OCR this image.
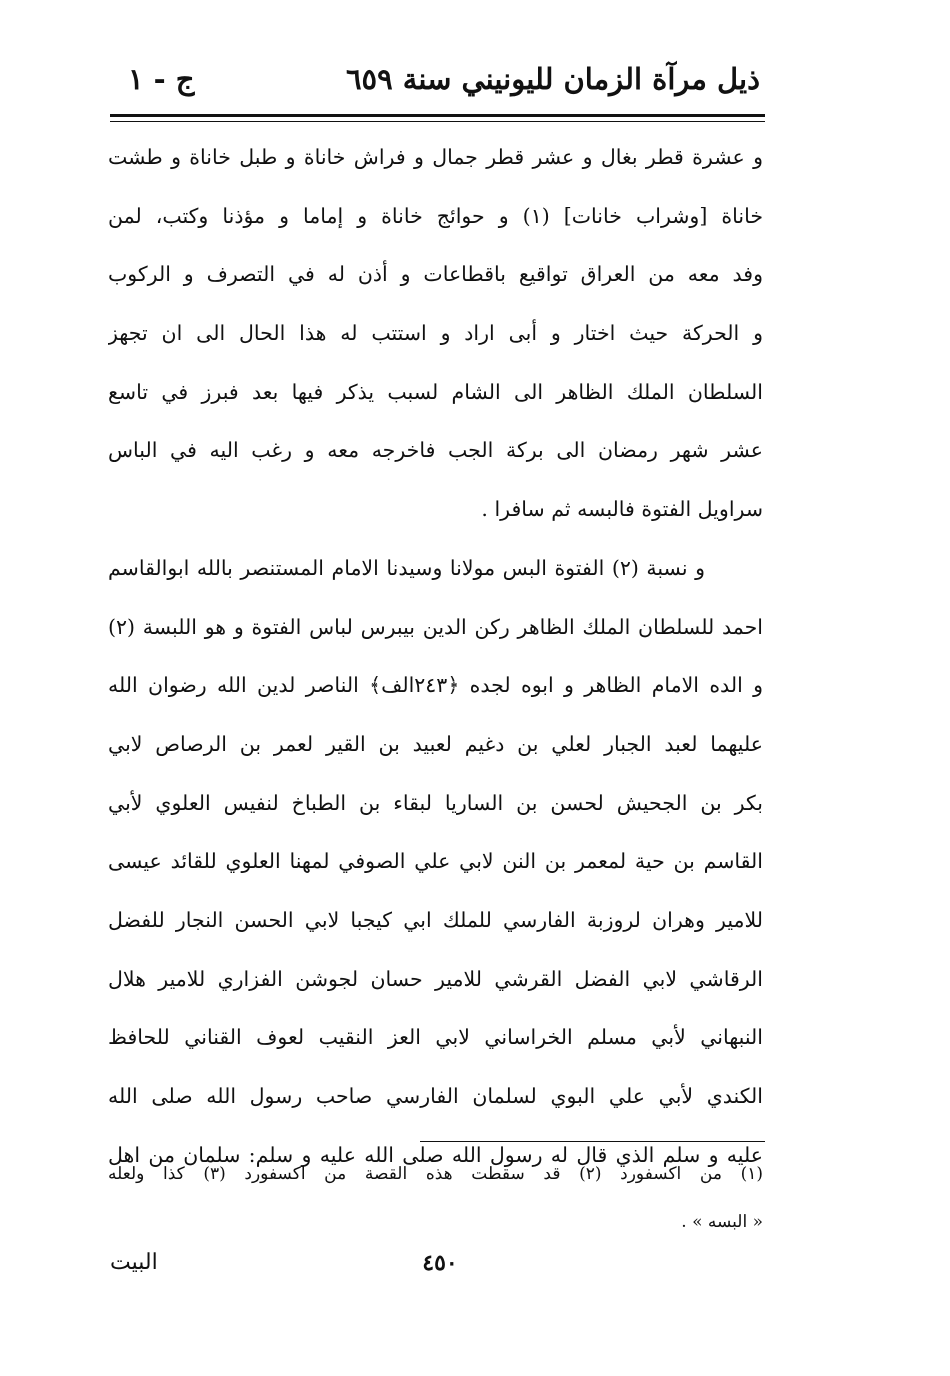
ذيل مرآة الزمان لليونيني سنة ٦٥٩
ج - ١
و عشرة قطر بغال و عشر قطر جمال و فراش خاناة و طبل خاناة و طشت
خاناة [وشراب خانات] (١) و حوائج خاناة و إماما و مؤذنا وكتب، لمن
وفد معه من العراق تواقيع باقطاعات و أذن له في التصرف و الركوب
و الحركة حيث اختار و أبى اراد و استتب له هذا الحال الى ان تجهز
السلطان الملك الظاهر الى الشام لسبب يذكر فيها بعد فبرز في تاسع
عشر شهر رمضان الى بركة الجب فاخرجه معه و رغب اليه في الباس
سراويل الفتوة فالبسه ثم سافرا .
و نسبة (٢) الفتوة البس مولانا وسيدنا الامام المستنصر بالله ابوالقاسم
احمد للسلطان الملك الظاهر ركن الدين بيبرس لباس الفتوة و هو اللبسة (٢)
و الده الامام الظاهر و ابوه لجده ﴿٢٤٣الف﴾ الناصر لدين الله رضوان الله
عليهما لعبد الجبار لعلي بن دغيم لعبيد بن القير لعمر بن الرصاص لابي
بكر بن الجحيش لحسن بن الساريا لبقاء بن الطباخ لنفيس العلوي لأبي
القاسم بن حية لمعمر بن النن لابي علي الصوفي لمهنا العلوي للقائد عيسى
للامير وهران لروزبة الفارسي للملك ابي كيجبا لابي الحسن النجار للفضل
الرقاشي لابي الفضل القرشي للامير حسان لجوشن الفزاري للامير هلال
النبهاني لأبي مسلم الخراساني لابي العز النقيب لعوف القناني للحافظ
الكندي لأبي علي البوي لسلمان الفارسي صاحب رسول الله صلى الله
عليه و سلم الذي قال له رسول الله صلى الله عليه و سلم: سلمان من اهل
(١) من اكسفورد (٢) قد سقطت هذه القصة من اكسفورد (٣) كذا ولعله
« البسه » .
٤٥٠
البيت
